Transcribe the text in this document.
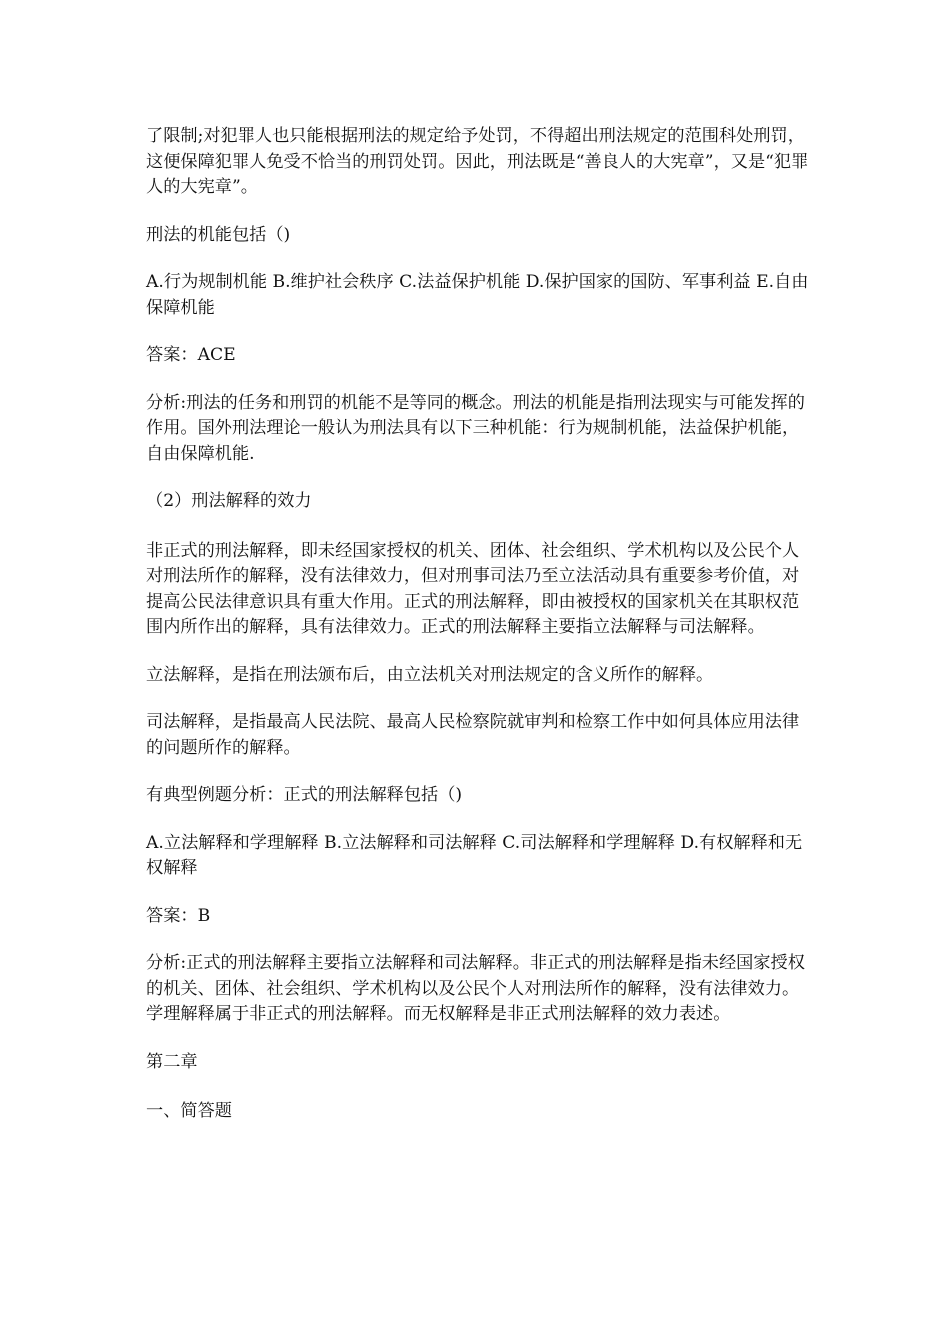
了限制;对犯罪人也只能根据刑法的规定给予处罚，不得超出刑法规定的范围科处刑罚，这便保障犯罪人免受不恰当的刑罚处罚。因此，刑法既是“善良人的大宪章”，又是“犯罪人的大宪章”。

刑法的机能包括（)

A.行为规制机能 B.维护社会秩序 C.法益保护机能 D.保护国家的国防、军事利益 E.自由保障机能

答案：ACE

分析:刑法的任务和刑罚的机能不是等同的概念。刑法的机能是指刑法现实与可能发挥的作用。国外刑法理论一般认为刑法具有以下三种机能：行为规制机能，法益保护机能，自由保障机能.

（2）刑法解释的效力

非正式的刑法解释，即未经国家授权的机关、团体、社会组织、学术机构以及公民个人对刑法所作的解释，没有法律效力，但对刑事司法乃至立法活动具有重要参考价值，对提高公民法律意识具有重大作用。正式的刑法解释，即由被授权的国家机关在其职权范围内所作出的解释，具有法律效力。正式的刑法解释主要指立法解释与司法解释。

立法解释，是指在刑法颁布后，由立法机关对刑法规定的含义所作的解释。

司法解释，是指最高人民法院、最高人民检察院就审判和检察工作中如何具体应用法律的问题所作的解释。

有典型例题分析：正式的刑法解释包括（)

A.立法解释和学理解释 B.立法解释和司法解释 C.司法解释和学理解释 D.有权解释和无权解释

答案：B

分析:正式的刑法解释主要指立法解释和司法解释。非正式的刑法解释是指未经国家授权的机关、团体、社会组织、学术机构以及公民个人对刑法所作的解释，没有法律效力。学理解释属于非正式的刑法解释。而无权解释是非正式刑法解释的效力表述。

第二章

一、简答题
